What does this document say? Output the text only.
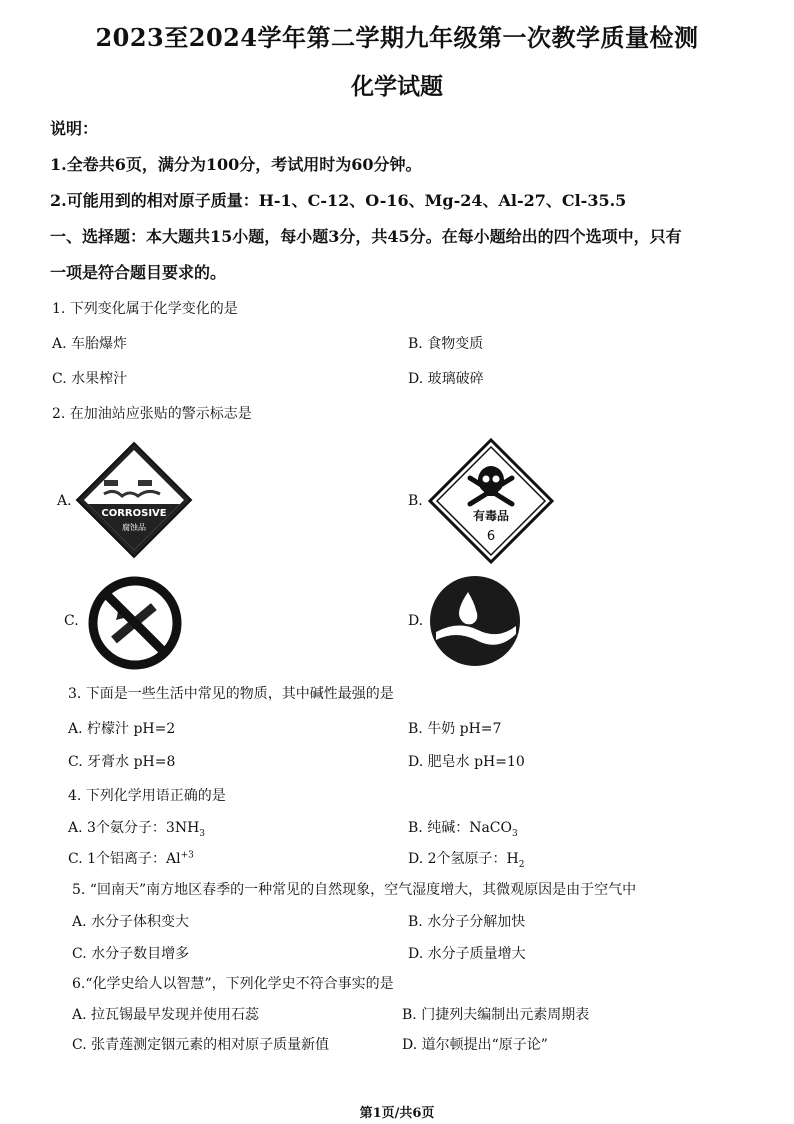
2023至2024学年第二学期九年级第一次教学质量检测
化学试题
说明：
1.全卷共6页，满分为100分，考试用时为60分钟。
2.可能用到的相对原子质量：H-1、C-12、O-16、Mg-24、Al-27、Cl-35.5
一、选择题：本大题共15小题，每小题3分，共45分。在每小题给出的四个选项中，只有
一项是符合题目要求的。
1. 下列变化属于化学变化的是
A. 车胎爆炸	B. 食物变质
C. 水果榨汁	D. 玻璃破碎
2. 在加油站应张贴的警示标志是
A.
CORROSIVE
腐蚀品
B.
有毒品
6
C.	D.
3. 下面是一些生活中常见的物质，其中碱性最强的是
A. 柠檬汁 pH=2	B. 牛奶 pH=7
C. 牙膏水 pH=8	D. 肥皂水 pH=10
4. 下列化学用语正确的是
A. 3个氨分子：$3NH_3$	B. 纯碱：NaCO$_3$
C. 1个铝离子：$Al^{+3}$	D. 2个氢原子：$H_2$
5. “回南天”南方地区春季的一种常见的自然现象，空气湿度增大，其微观原因是由于空气中
A. 水分子体积变大	B. 水分子分解加快
C. 水分子数目增多	D. 水分子质量增大
6.“化学史给人以智慧”，下列化学史不符合事实的是
A. 拉瓦锡最早发现并使用石蕊	B. 门捷列夫编制出元素周期表
C. 张青莲测定铟元素的相对原子质量新值	D. 道尔顿提出“原子论”
第1页/共6页
